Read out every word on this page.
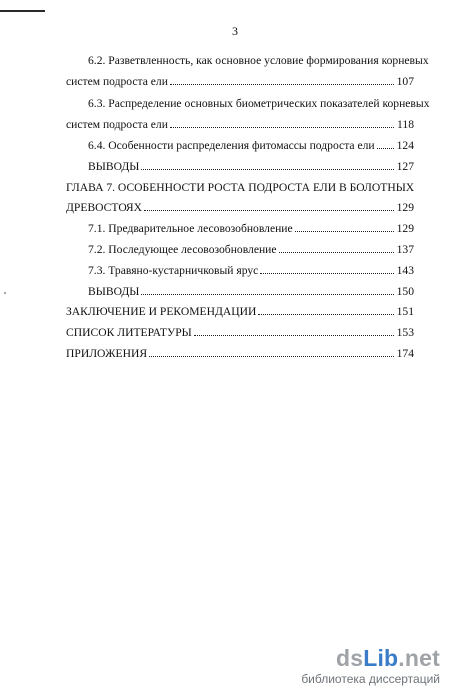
3
6.2. Разветвленность, как основное условие формирования корневых
систем подроста ели	107
6.3. Распределение основных биометрических показателей корневых
систем подроста ели	118
6.4. Особенности распределения фитомассы подроста ели 124
ВЫВОДЫ	127
ГЛАВА 7. ОСОБЕННОСТИ РОСТА ПОДРОСТА ЕЛИ В БОЛОТНЫХ
ДРЕВОСТОЯХ	129
7.1. Предварительное лесовозобновление	129
7.2. Последующее лесовозобновление	137
7.3. Травяно-кустарничковый ярус	143
ВЫВОДЫ	150
ЗАКЛЮЧЕНИЕ И РЕКОМЕНДАЦИИ	151
СПИСОК ЛИТЕРАТУРЫ	153
ПРИЛОЖЕНИЯ	174
dsLib.net
библиотека диссертаций
